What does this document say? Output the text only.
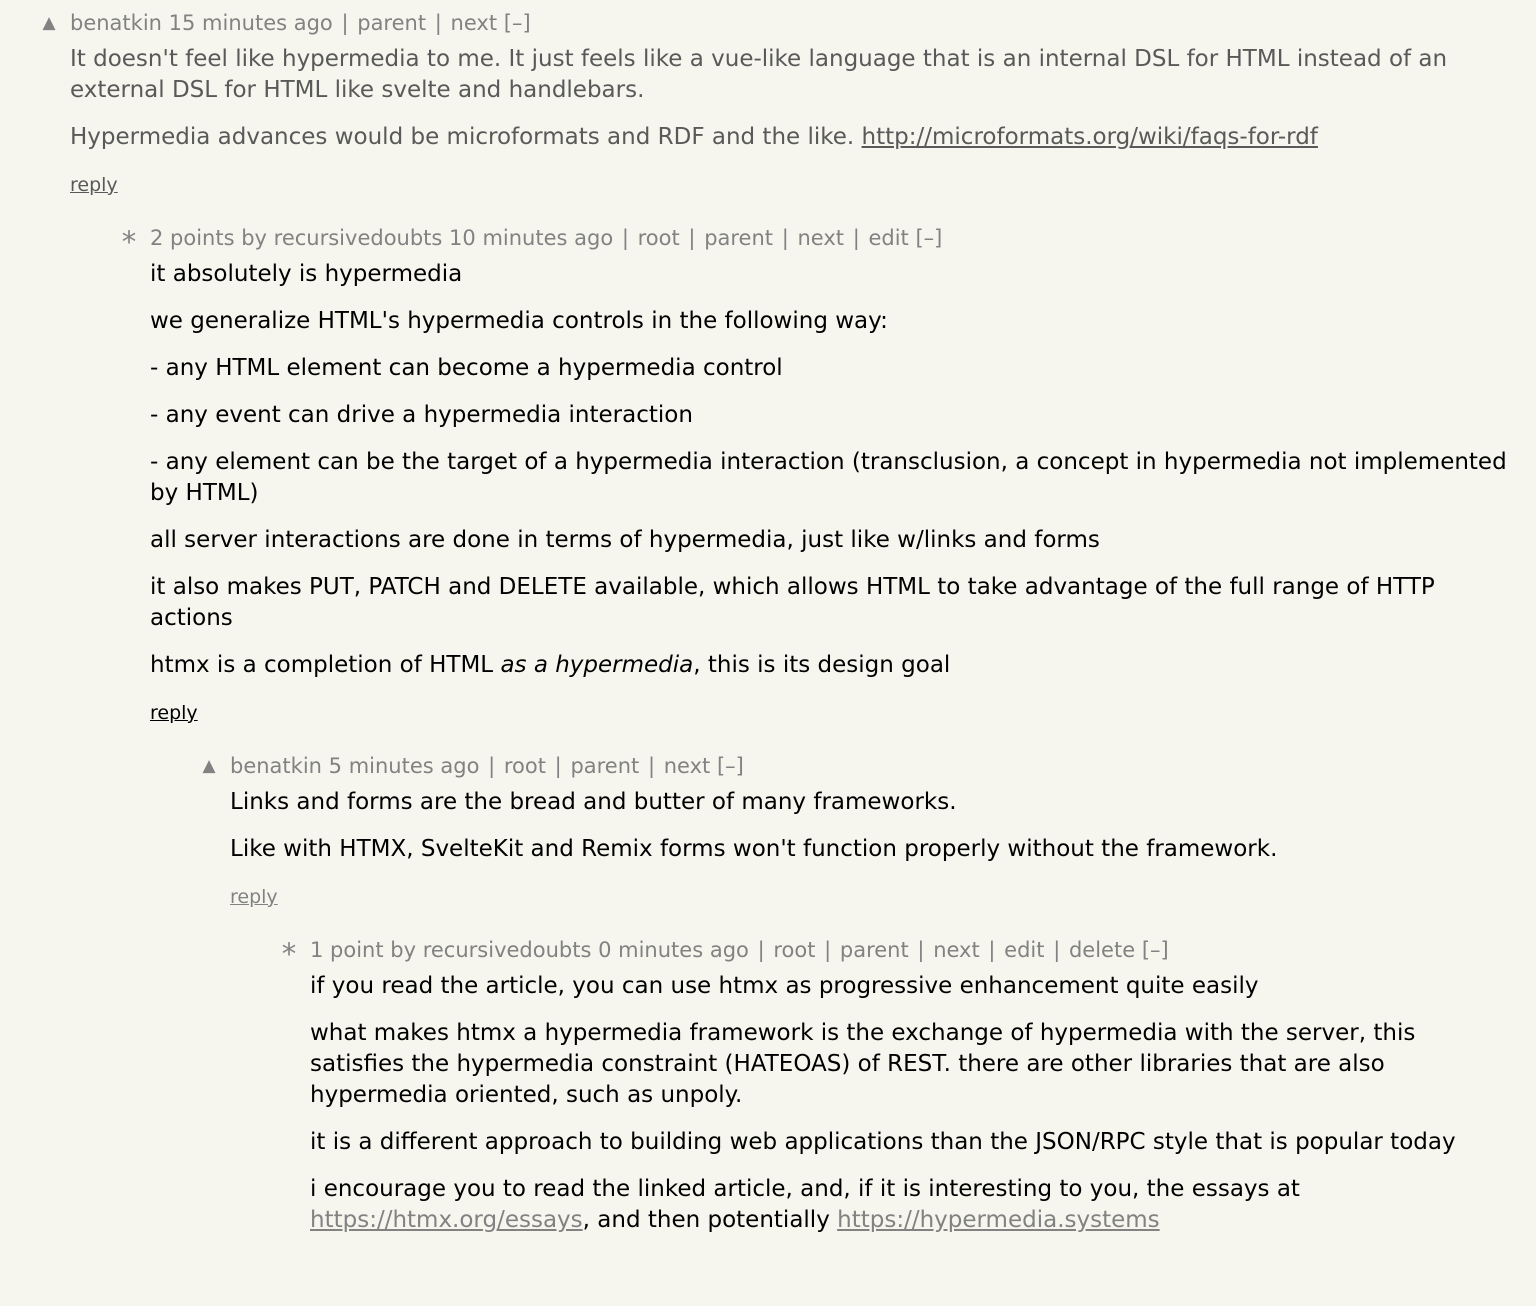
▲ benatkin 15 minutes ago | parent | next [–]

It doesn't feel like hypermedia to me. It just feels like a vue-like language that is an internal DSL for HTML instead of an external DSL for HTML like svelte and handlebars.

Hypermedia advances would be microformats and RDF and the like. http://microformats.org/wiki/faqs-for-rdf

reply
* 2 points by recursivedoubts 10 minutes ago | root | parent | next | edit [–]

it absolutely is hypermedia

we generalize HTML's hypermedia controls in the following way:

- any HTML element can become a hypermedia control

- any event can drive a hypermedia interaction

- any element can be the target of a hypermedia interaction (transclusion, a concept in hypermedia not implemented by HTML)

all server interactions are done in terms of hypermedia, just like w/links and forms

it also makes PUT, PATCH and DELETE available, which allows HTML to take advantage of the full range of HTTP actions

htmx is a completion of HTML as a hypermedia, this is its design goal

reply
▲ benatkin 5 minutes ago | root | parent | next [–]

Links and forms are the bread and butter of many frameworks.

Like with HTMX, SvelteKit and Remix forms won't function properly without the framework.

reply
* 1 point by recursivedoubts 0 minutes ago | root | parent | next | edit | delete [–]

if you read the article, you can use htmx as progressive enhancement quite easily

what makes htmx a hypermedia framework is the exchange of hypermedia with the server, this satisfies the hypermedia constraint (HATEOAS) of REST. there are other libraries that are also hypermedia oriented, such as unpoly.

it is a different approach to building web applications than the JSON/RPC style that is popular today

i encourage you to read the linked article, and, if it is interesting to you, the essays at https://htmx.org/essays, and then potentially https://hypermedia.systems
